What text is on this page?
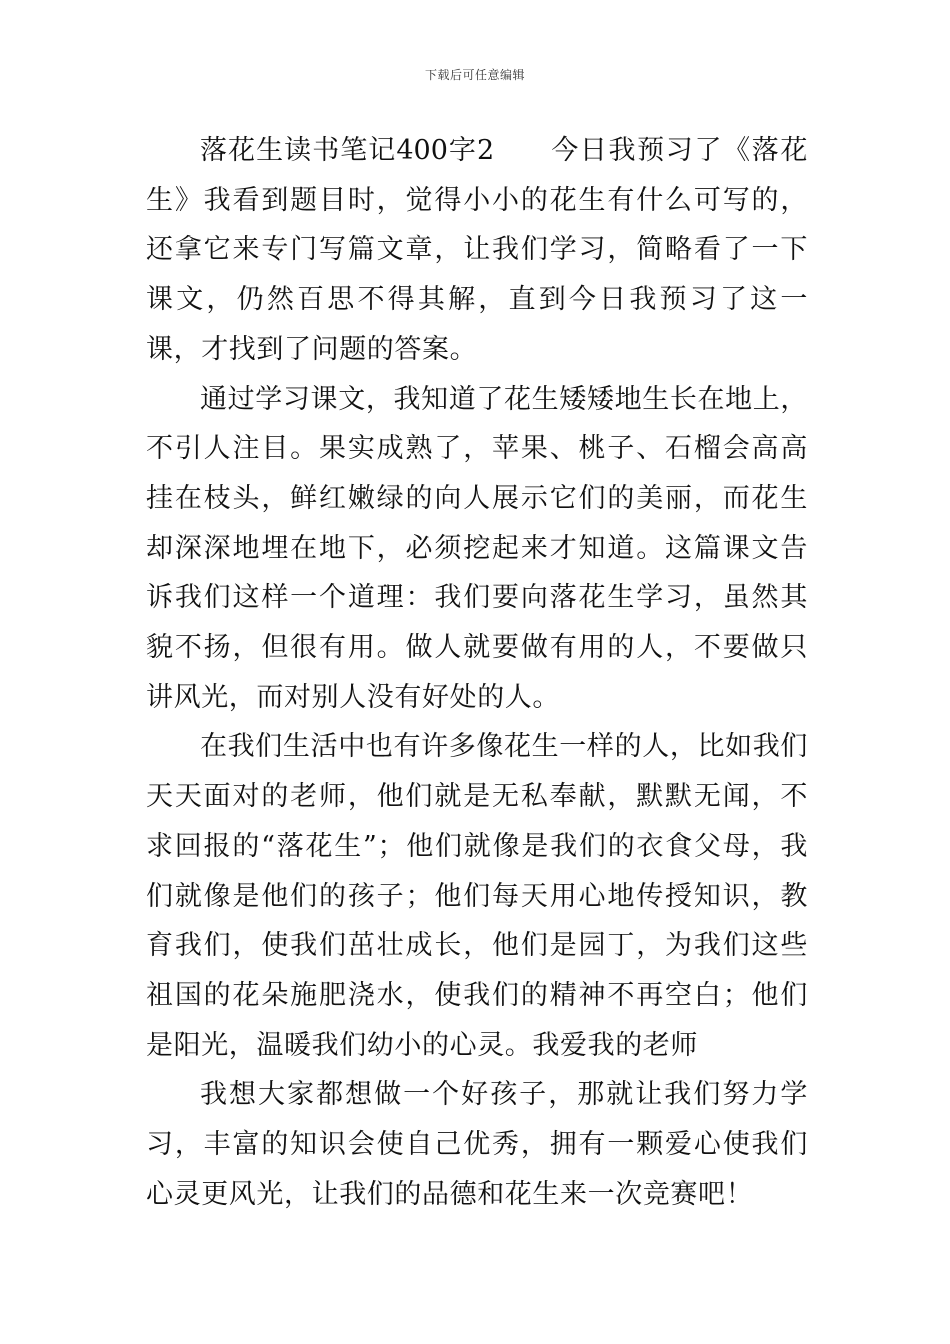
下载后可任意编辑

落花生读书笔记400字2 今日我预习了《落花生》我看到题目时，觉得小小的花生有什么可写的，还拿它来专门写篇文章，让我们学习，简略看了一下课文，仍然百思不得其解，直到今日我预习了这一课，才找到了问题的答案。

通过学习课文，我知道了花生矮矮地生长在地上，不引人注目。果实成熟了，苹果、桃子、石榴会高高挂在枝头，鲜红嫩绿的向人展示它们的美丽，而花生却深深地埋在地下，必须挖起来才知道。这篇课文告诉我们这样一个道理：我们要向落花生学习，虽然其貌不扬，但很有用。做人就要做有用的人，不要做只讲风光，而对别人没有好处的人。

在我们生活中也有许多像花生一样的人，比如我们天天面对的老师，他们就是无私奉献，默默无闻，不求回报的“落花生”；他们就像是我们的衣食父母，我们就像是他们的孩子；他们每天用心地传授知识，教育我们，使我们茁壮成长，他们是园丁，为我们这些祖国的花朵施肥浇水，使我们的精神不再空白；他们是阳光，温暖我们幼小的心灵。我爱我的老师

我想大家都想做一个好孩子，那就让我们努力学习，丰富的知识会使自己优秀，拥有一颗爱心使我们心灵更风光，让我们的品德和花生来一次竞赛吧！
